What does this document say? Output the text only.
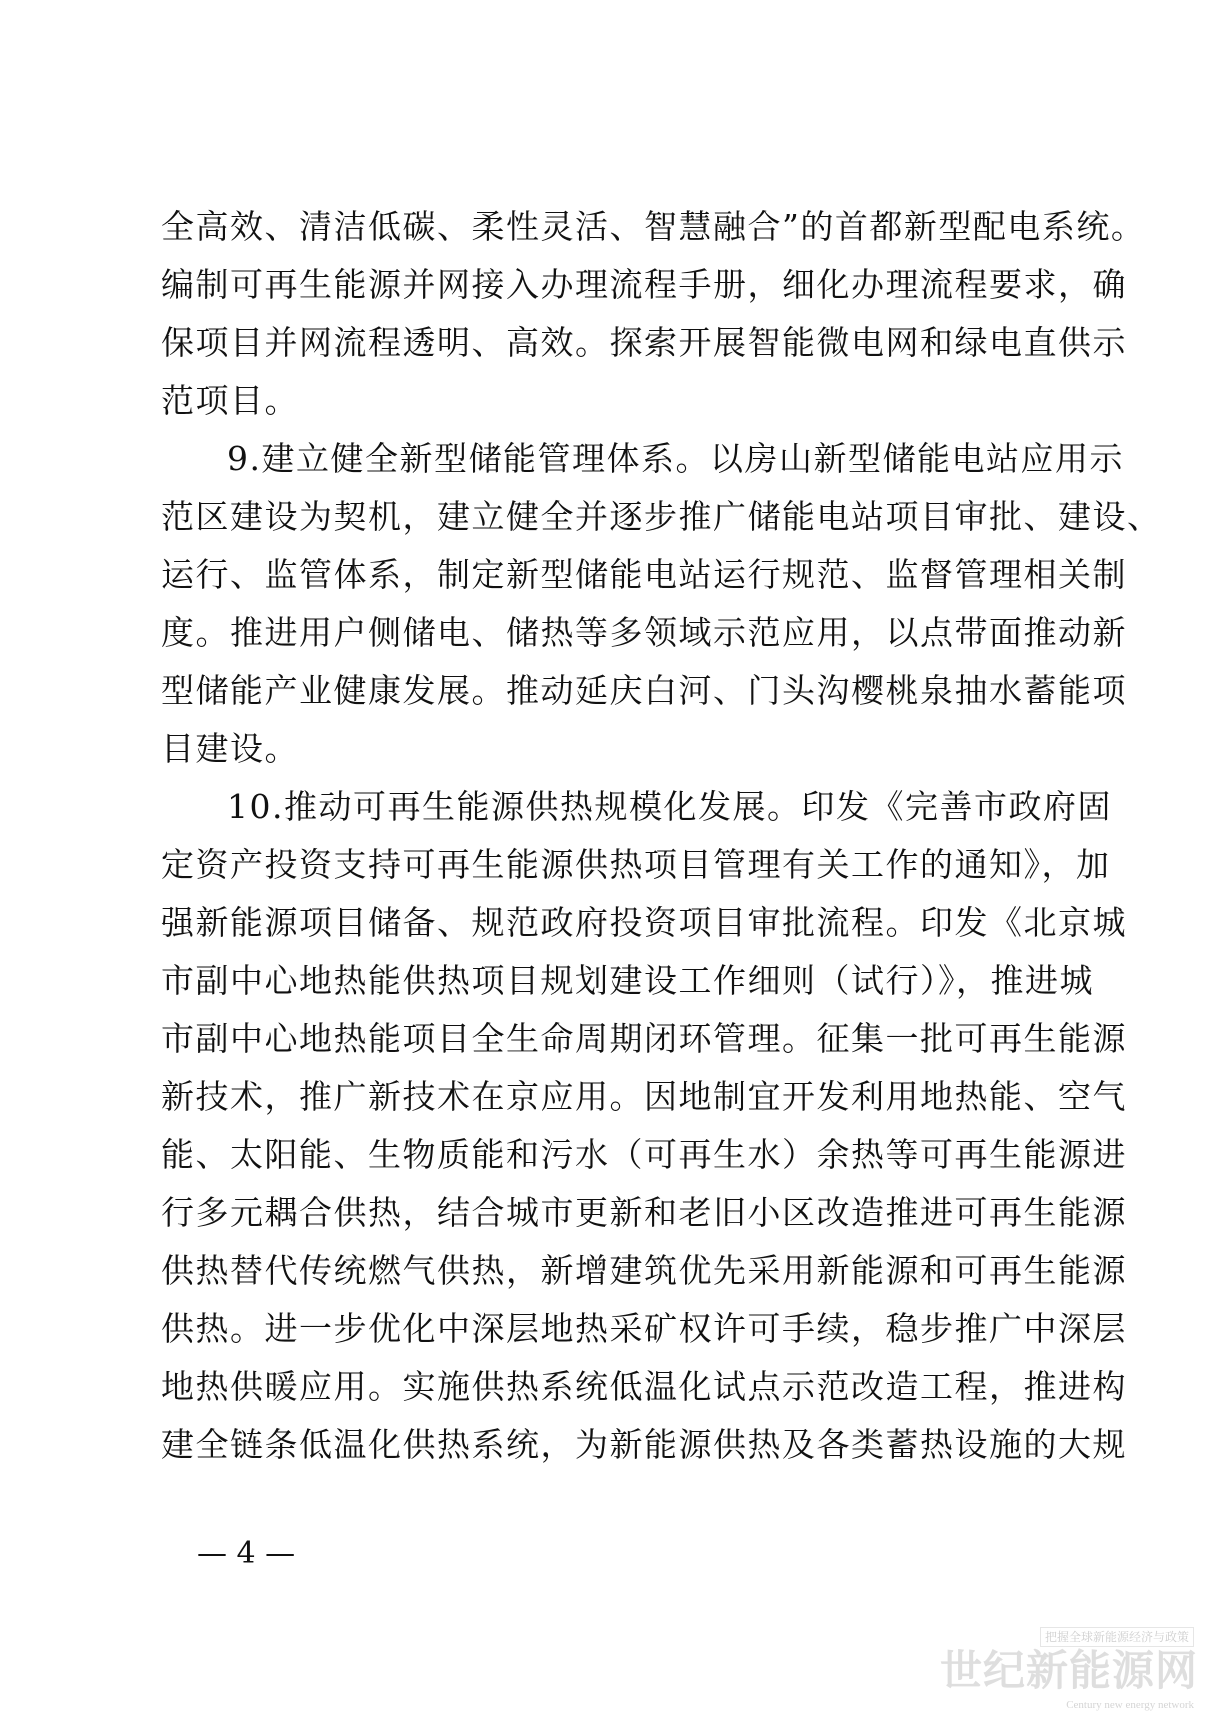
全高效、清洁低碳、柔性灵活、智慧融合”的首都新型配电系统。
编制可再生能源并网接入办理流程手册，细化办理流程要求，确
保项目并网流程透明、高效。探索开展智能微电网和绿电直供示
范项目。
9.建立健全新型储能管理体系。以房山新型储能电站应用示
范区建设为契机，建立健全并逐步推广储能电站项目审批、建设、
运行、监管体系，制定新型储能电站运行规范、监督管理相关制
度。推进用户侧储电、储热等多领域示范应用，以点带面推动新
型储能产业健康发展。推动延庆白河、门头沟樱桃泉抽水蓄能项
目建设。
10.推动可再生能源供热规模化发展。印发《完善市政府固
定资产投资支持可再生能源供热项目管理有关工作的通知》，加
强新能源项目储备、规范政府投资项目审批流程。印发《北京城
市副中心地热能供热项目规划建设工作细则（试行）》，推进城
市副中心地热能项目全生命周期闭环管理。征集一批可再生能源
新技术，推广新技术在京应用。因地制宜开发利用地热能、空气
能、太阳能、生物质能和污水（可再生水）余热等可再生能源进
行多元耦合供热，结合城市更新和老旧小区改造推进可再生能源
供热替代传统燃气供热，新增建筑优先采用新能源和可再生能源
供热。进一步优化中深层地热采矿权许可手续，稳步推广中深层
地热供暖应用。实施供热系统低温化试点示范改造工程，推进构
建全链条低温化供热系统，为新能源供热及各类蓄热设施的大规
— 4 —
把握全球新能源经济与政策
世纪新能源网
Century new energy network
